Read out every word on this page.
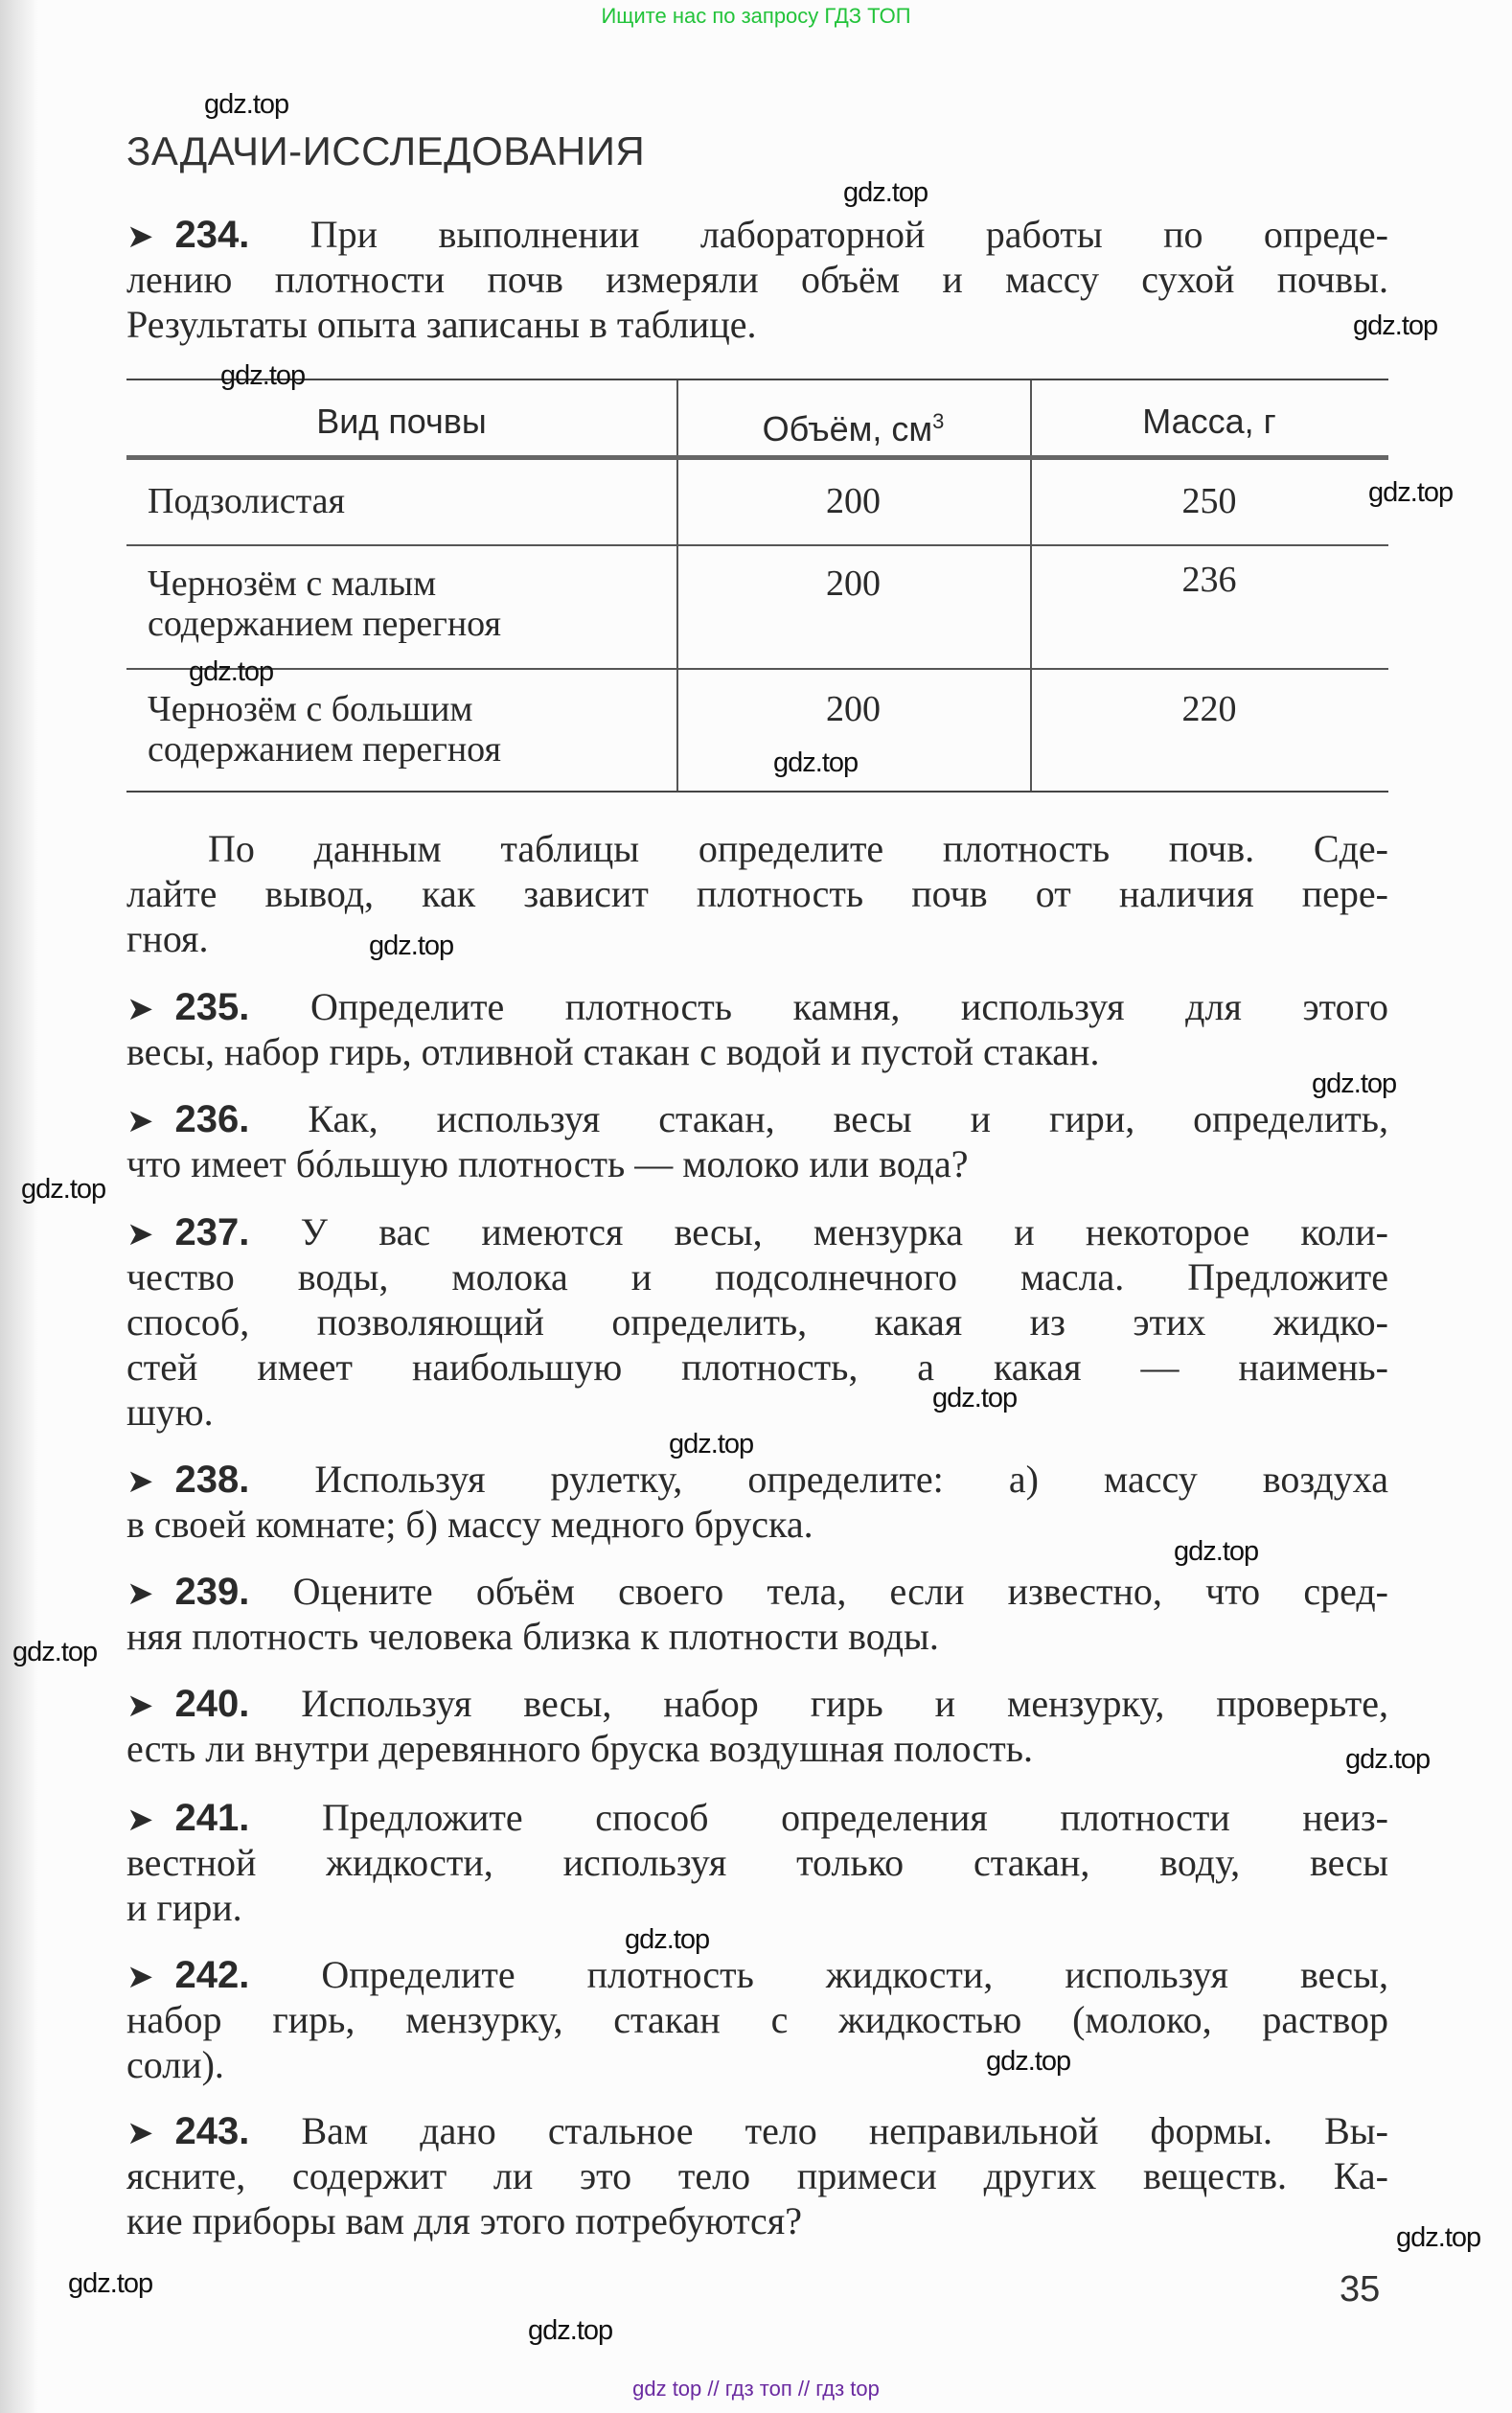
Ищите нас по запросу ГДЗ ТОП
ЗАДАЧИ-ИССЛЕДОВАНИЯ
➤ 234. При выполнении лабораторной работы по опреде-
лению плотности почв измеряли объём и массу сухой почвы.
Результаты опыта записаны в таблице.
➤ 235. Определите плотность камня, используя для этого
весы, набор гирь, отливной стакан с водой и пустой стакан.
➤ 236. Как, используя стакан, весы и гири, определить,
что имеет бóльшую плотность — молоко или вода?
➤ 237. У вас имеются весы, мензурка и некоторое коли-
чество воды, молока и подсолнечного масла. Предложите
способ, позволяющий определить, какая из этих жидко-
стей имеет наибольшую плотность, а какая — наимень-
шую.
➤ 238. Используя рулетку, определите: а) массу воздуха
в своей комнате; б) массу медного бруска.
➤ 239. Оцените объём своего тела, если известно, что сред-
няя плотность человека близка к плотности воды.
➤ 240. Используя весы, набор гирь и мензурку, проверьте,
есть ли внутри деревянного бруска воздушная полость.
➤ 241. Предложите способ определения плотности неиз-
вестной жидкости, используя только стакан, воду, весы
и гири.
➤ 242. Определите плотность жидкости, используя весы,
набор гирь, мензурку, стакан с жидкостью (молоко, раствор
соли).
➤ 243. Вам дано стальное тело неправильной формы. Вы-
ясните, содержит ли это тело примеси других веществ. Ка-
кие приборы вам для этого потребуются?
Вид почвы	Объём, $см^3$	Масса, г
Подзолистая	200	250
Чернозём с малым
содержанием перегноя
200	236
Чернозём с большим
содержанием перегноя
200	220
По данным таблицы определите плотность почв. Сде-
лайте вывод, как зависит плотность почв от наличия пере-
гноя.
35
gdz top // гдз топ // гдз top
gdz.top
gdz.top
gdz.top
gdz.top
gdz.top
gdz.top
gdz.top
gdz.top
gdz.top
gdz.top
gdz.top
gdz.top
gdz.top
gdz.top
gdz.top
gdz.top
gdz.top
gdz.top
gdz.top
gdz.top
